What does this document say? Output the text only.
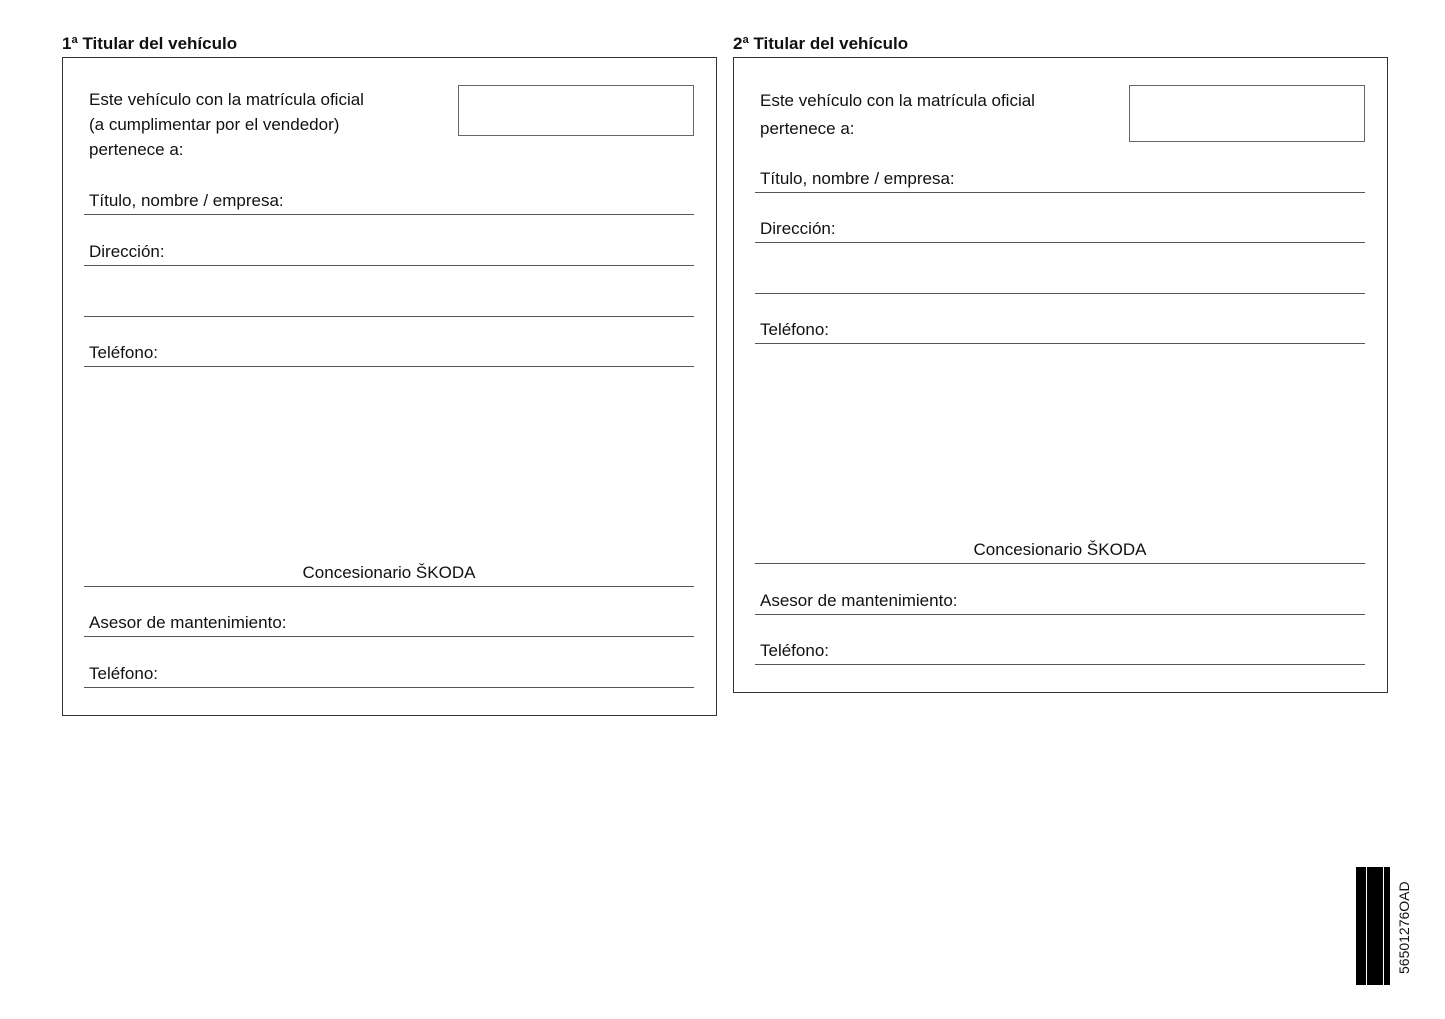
1ª Titular del vehículo

Este vehículo con la matrícula oficial
(a cumplimentar por el vendedor)
pertenece a:

Título, nombre / empresa:
Dirección:
Teléfono:
Concesionario ŠKODA
Asesor de mantenimiento:
Teléfono:
2ª Titular del vehículo

Este vehículo con la matrícula oficial
pertenece a:

Título, nombre / empresa:
Dirección:
Teléfono:
Concesionario ŠKODA
Asesor de mantenimiento:
Teléfono:
56501276OAD
